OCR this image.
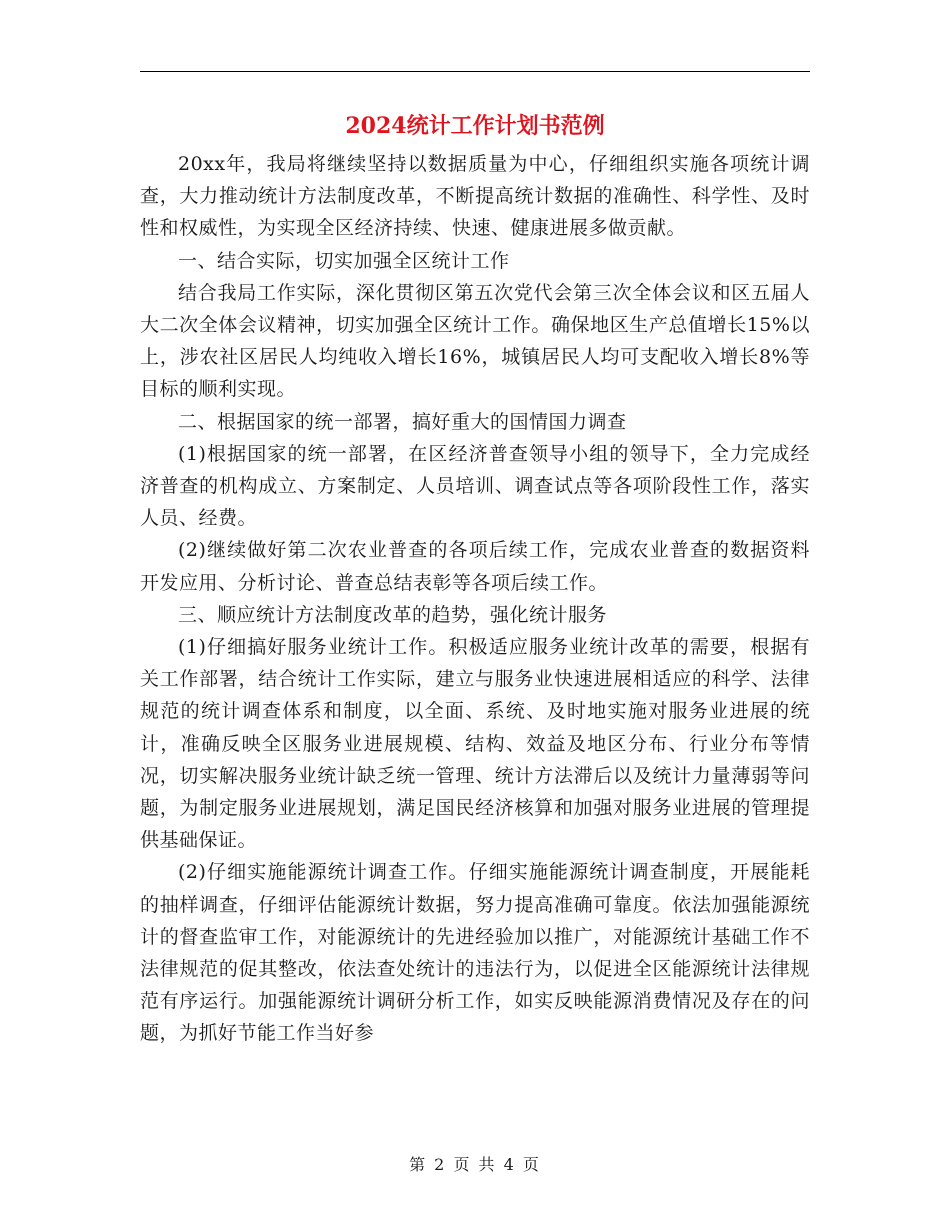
2024统计工作计划书范例

20xx年，我局将继续坚持以数据质量为中心，仔细组织实施各项统计调查，大力推动统计方法制度改革，不断提高统计数据的准确性、科学性、及时性和权威性，为实现全区经济持续、快速、健康进展多做贡献。

一、结合实际，切实加强全区统计工作

结合我局工作实际，深化贯彻区第五次党代会第三次全体会议和区五届人大二次全体会议精神，切实加强全区统计工作。确保地区生产总值增长15%以上，涉农社区居民人均纯收入增长16%，城镇居民人均可支配收入增长8%等目标的顺利实现。

二、根据国家的统一部署，搞好重大的国情国力调查

(1)根据国家的统一部署，在区经济普查领导小组的领导下，全力完成经济普查的机构成立、方案制定、人员培训、调查试点等各项阶段性工作，落实人员、经费。

(2)继续做好第二次农业普查的各项后续工作，完成农业普查的数据资料开发应用、分析讨论、普查总结表彰等各项后续工作。

三、顺应统计方法制度改革的趋势，强化统计服务

(1)仔细搞好服务业统计工作。积极适应服务业统计改革的需要，根据有关工作部署，结合统计工作实际，建立与服务业快速进展相适应的科学、法律规范的统计调查体系和制度，以全面、系统、及时地实施对服务业进展的统计，准确反映全区服务业进展规模、结构、效益及地区分布、行业分布等情况，切实解决服务业统计缺乏统一管理、统计方法滞后以及统计力量薄弱等问题，为制定服务业进展规划，满足国民经济核算和加强对服务业进展的管理提供基础保证。

(2)仔细实施能源统计调查工作。仔细实施能源统计调查制度，开展能耗的抽样调查，仔细评估能源统计数据，努力提高准确可靠度。依法加强能源统计的督查监审工作，对能源统计的先进经验加以推广，对能源统计基础工作不法律规范的促其整改，依法查处统计的违法行为，以促进全区能源统计法律规范有序运行。加强能源统计调研分析工作，如实反映能源消费情况及存在的问题，为抓好节能工作当好参

第 2 页 共 4 页
